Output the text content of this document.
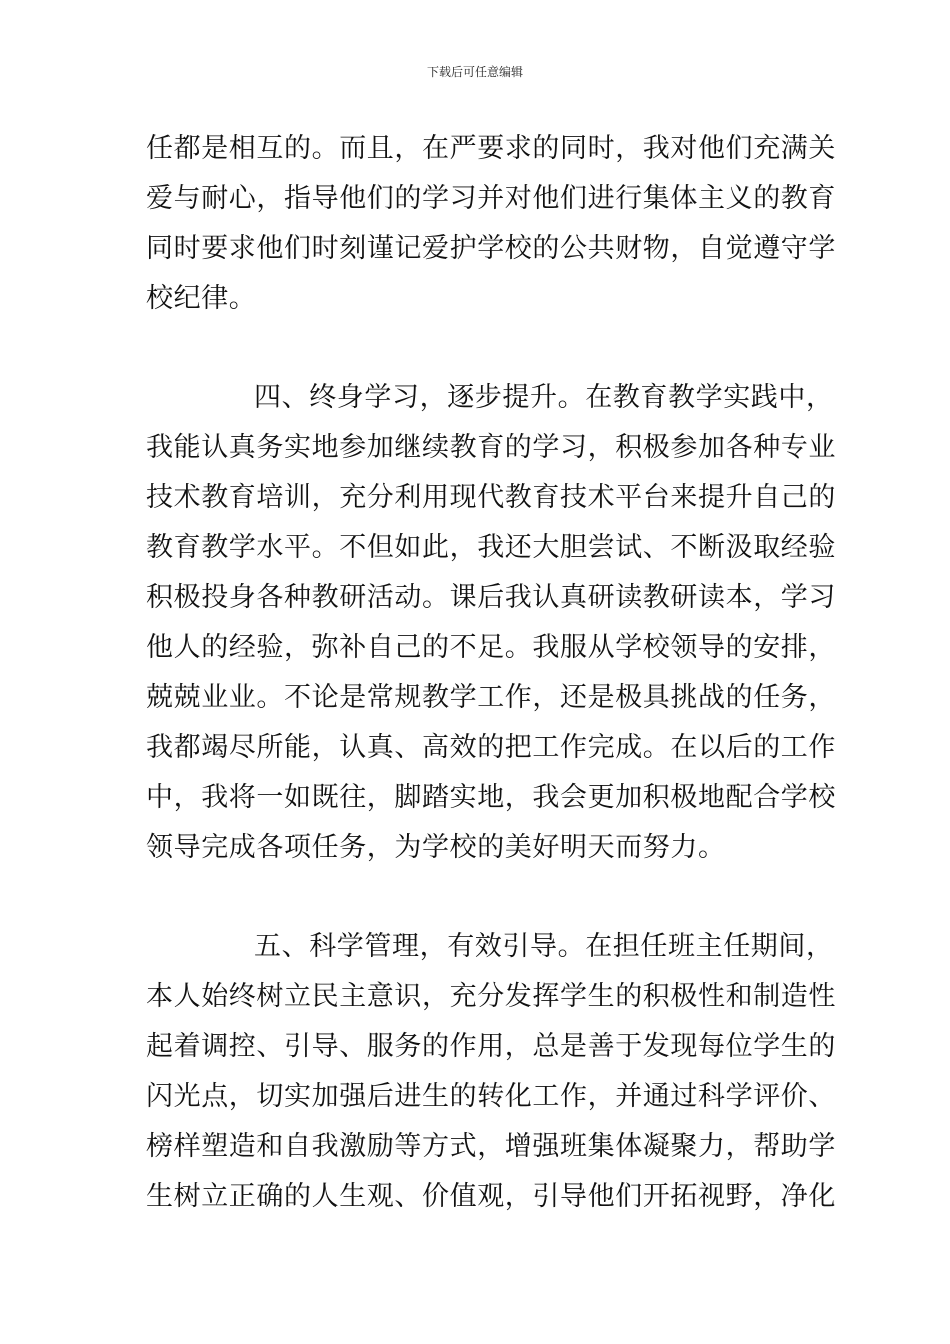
下载后可任意编辑
任都是相互的。而且，在严要求的同时，我对他们充满关
爱与耐心，指导他们的学习并对他们进行集体主义的教育
同时要求他们时刻谨记爱护学校的公共财物，自觉遵守学
校纪律。
四、终身学习，逐步提升。在教育教学实践中，
我能认真务实地参加继续教育的学习，积极参加各种专业
技术教育培训，充分利用现代教育技术平台来提升自己的
教育教学水平。不但如此，我还大胆尝试、不断汲取经验
积极投身各种教研活动。课后我认真研读教研读本，学习
他人的经验，弥补自己的不足。我服从学校领导的安排，
兢兢业业。不论是常规教学工作，还是极具挑战的任务，
我都竭尽所能，认真、高效的把工作完成。在以后的工作
中，我将一如既往，脚踏实地，我会更加积极地配合学校
领导完成各项任务，为学校的美好明天而努力。
五、科学管理，有效引导。在担任班主任期间，
本人始终树立民主意识，充分发挥学生的积极性和制造性
起着调控、引导、服务的作用，总是善于发现每位学生的
闪光点，切实加强后进生的转化工作，并通过科学评价、
榜样塑造和自我激励等方式，增强班集体凝聚力，帮助学
生树立正确的人生观、价值观，引导他们开拓视野，净化
